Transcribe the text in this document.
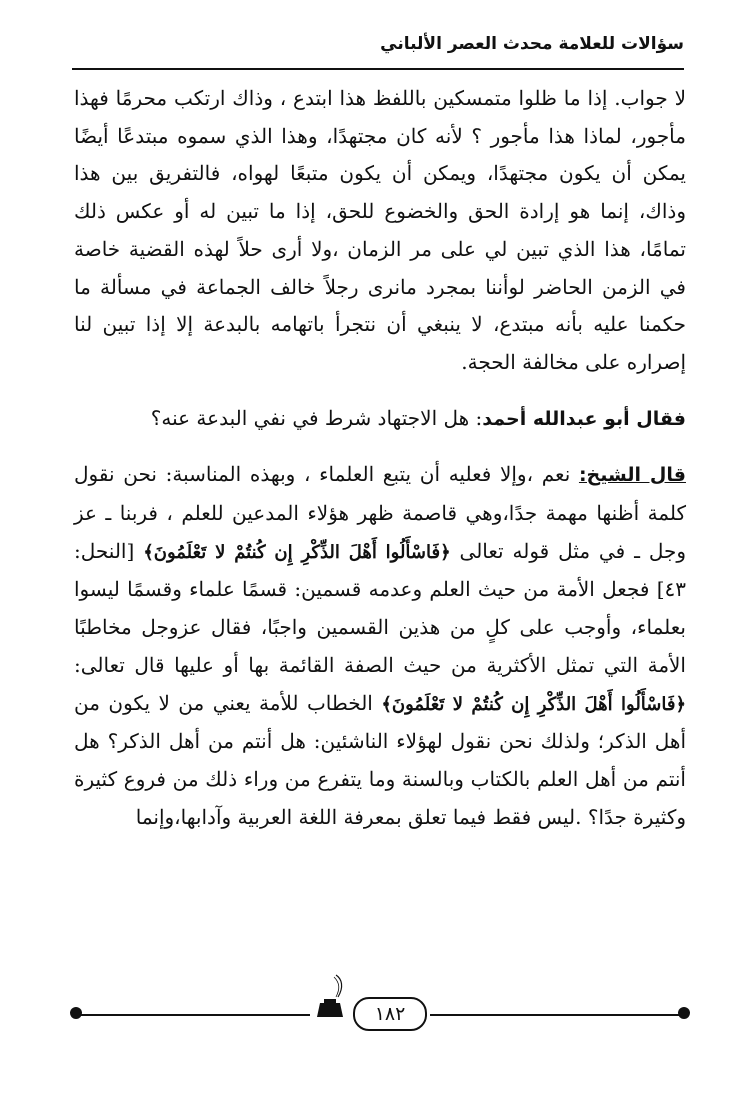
سؤالات للعلامة محدث العصر الألباني

لا جواب. إذا ما ظلوا متمسكين باللفظ هذا ابتدع ، وذاك ارتكب محرمًا فهذا مأجور، لماذا هذا مأجور ؟ لأنه كان مجتهدًا، وهذا الذي سموه مبتدعًا أيضًا يمكن أن يكون مجتهدًا، ويمكن أن يكون متبعًا لهواه، فالتفريق بين هذا وذاك، إنما هو إرادة الحق والخضوع للحق، إذا ما تبين له أو عكس ذلك تمامًا، هذا الذي تبين لي على مر الزمان ،ولا أرى حلاً لهذه القضية خاصة في الزمن الحاضر لوأننا بمجرد مانرى رجلاً خالف الجماعة في مسألة ما حكمنا عليه بأنه مبتدع، لا ينبغي أن نتجرأ باتهامه بالبدعة إلا إذا تبين لنا إصراره على مخالفة الحجة.

فقال أبو عبدالله أحمد: هل الاجتهاد شرط في نفي البدعة عنه؟

قال الشيخ: نعم ،وإلا فعليه أن يتبع العلماء ، وبهذه المناسبة: نحن نقول كلمة أظنها مهمة جدًا،وهي قاصمة ظهر هؤلاء المدعين للعلم ، فربنا ـ عز وجل ـ في مثل قوله تعالى ﴿فَاسْأَلُوا أَهْلَ الذِّكْرِ إِن كُنتُمْ لا تَعْلَمُونَ﴾ [النحل: ٤٣] فجعل الأمة من حيث العلم وعدمه قسمين: قسمًا علماء وقسمًا ليسوا بعلماء، وأوجب على كلٍ من هذين القسمين واجبًا، فقال عزوجل مخاطبًا الأمة التي تمثل الأكثرية من حيث الصفة القائمة بها أو عليها قال تعالى: ﴿فَاسْأَلُوا أَهْلَ الذِّكْرِ إِن كُنتُمْ لا تَعْلَمُونَ﴾ الخطاب للأمة يعني من لا يكون من أهل الذكر؛ ولذلك نحن نقول لهؤلاء الناشئين: هل أنتم من أهل الذكر؟ هل أنتم من أهل العلم بالكتاب وبالسنة وما يتفرع من وراء ذلك من فروع كثيرة وكثيرة جدًا؟ .ليس فقط فيما تعلق بمعرفة اللغة العربية وآدابها،وإنما

١٨٢
